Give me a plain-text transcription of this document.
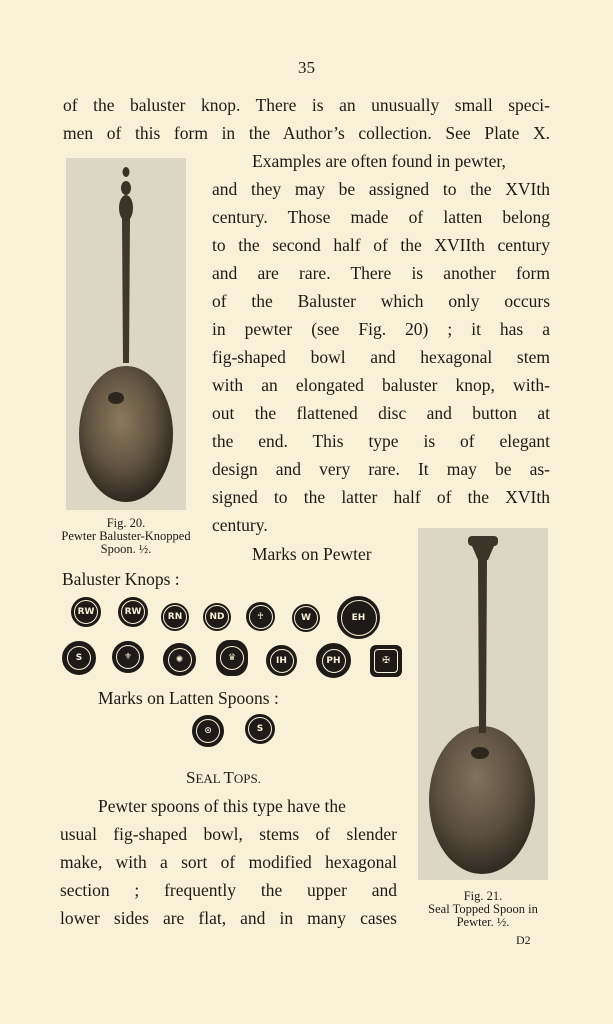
35
of the baluster knop. There is an unusually small speci-
men of this form in the Author’s collection. See Plate X.
Fig. 20.
Pewter Baluster-Knopped
Spoon. ½.
Examples are often found in pewter,
and they may be assigned to the XVIth
century. Those made of latten belong
to the second half of the XVIIth century
and are rare. There is another form
of the Baluster which only occurs
in pewter (see Fig. 20) ; it has a
fig-shaped bowl and hexagonal stem
with an elongated baluster knop, with-
out the flattened disc and button at
the end. This type is of elegant
design and very rare. It may be as-
signed to the latter half of the XVIth
century.
Marks on Pewter
Baluster Knops :
RW	RW	RN	ND	♰	W	EH
S	⚜	✺	♛	IH	PH	✠
Marks on Latten Spoons :
⊙	S
SEAL TOPS.
Pewter spoons of this type have the
usual fig-shaped bowl, stems of slender
make, with a sort of modified hexagonal
section ; frequently the upper and
lower sides are flat, and in many cases
Fig. 21.
Seal Topped Spoon in
Pewter. ½.
D2
